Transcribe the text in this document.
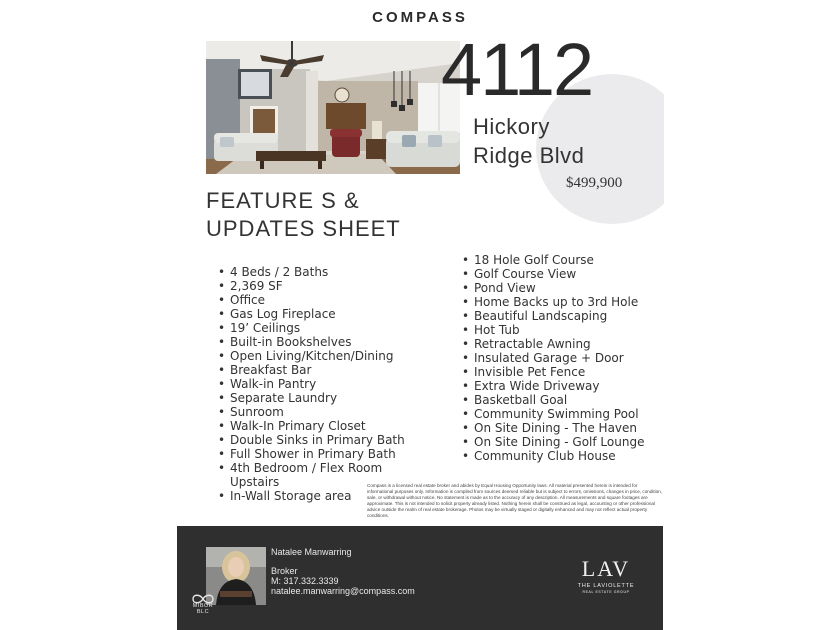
COMPASS
4112
Hickory
Ridge Blvd
$499,900
FEATURE S &
UPDATES SHEET
• 4 Beds / 2 Baths
• 2,369 SF
• Office
• Gas Log Fireplace
• 19’ Ceilings
• Built-in Bookshelves
• Open Living/Kitchen/Dining
• Breakfast Bar
• Walk-in Pantry
• Separate Laundry
• Sunroom
• Walk-In Primary Closet
• Double Sinks in Primary Bath
• Full Shower in Primary Bath
• 4th Bedroom / Flex Room Upstairs
• In-Wall Storage area
• 18 Hole Golf Course
• Golf Course View
• Pond View
• Home Backs up to 3rd Hole
• Beautiful Landscaping
• Hot Tub
• Retractable Awning
• Insulated Garage + Door
• Invisible Pet Fence
• Extra Wide Driveway
• Basketball Goal
• Community Swimming Pool
• On Site Dining - The Haven
• On Site Dining - Golf Lounge
• Community Club House
Compass is a licensed real estate broker and abides by Equal Housing Opportunity laws. All material presented herein is intended for informational purposes only. Information is compiled from sources deemed reliable but is subject to errors, omissions, changes in price, condition, sale, or withdrawal without notice. No statement is made as to the accuracy of any description. All measurements and square footages are approximate. This is not intended to solicit property already listed. Nothing herein shall be construed as legal, accounting or other professional advice outside the realm of real estate brokerage. Photos may be virtually staged or digitally enhanced and may not reflect actual property conditions.
Natalee Manwarring
Broker
M: 317.332.3339
natalee.manwarring@compass.com
MIBOR BLC
LAV
THE LAVIOLETTE
REAL ESTATE GROUP
